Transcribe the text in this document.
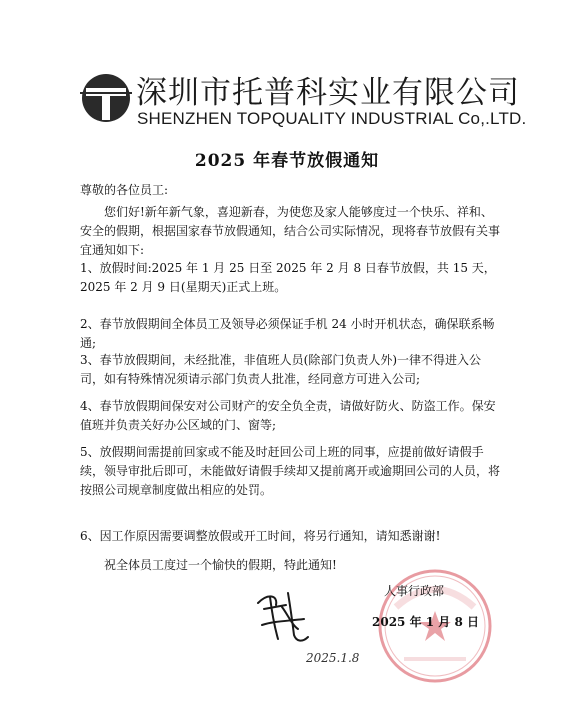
深圳市托普科实业有限公司
SHENZHEN TOPQUALITY INDUSTRIAL Co,.LTD.
2025 年春节放假通知
尊敬的各位员工:
您们好!新年新气象，喜迎新春，为使您及家人能够度过一个快乐、祥和、安全的假期，根据国家春节放假通知，结合公司实际情况，现将春节放假有关事宜通知如下:
1、放假时间:2025 年 1 月 25 日至 2025 年 2 月 8 日春节放假，共 15 天，2025 年 2 月 9 日(星期天)正式上班。
2、春节放假期间全体员工及领导必须保证手机 24 小时开机状态，确保联系畅通;
3、春节放假期间，未经批准，非值班人员(除部门负责人外)一律不得进入公司，如有特殊情况须请示部门负责人批准，经同意方可进入公司;
4、春节放假期间保安对公司财产的安全负全责，请做好防火、防盗工作。保安值班并负责关好办公区域的门、窗等;
5、放假期间需提前回家或不能及时赶回公司上班的同事，应提前做好请假手续，领导审批后即可，未能做好请假手续却又提前离开或逾期回公司的人员，将按照公司规章制度做出相应的处罚。
6、因工作原因需要调整放假或开工时间，将另行通知，请知悉谢谢!
祝全体员工度过一个愉快的假期，特此通知!
人事行政部
2025 年 1 月 8 日
2025.1.8
